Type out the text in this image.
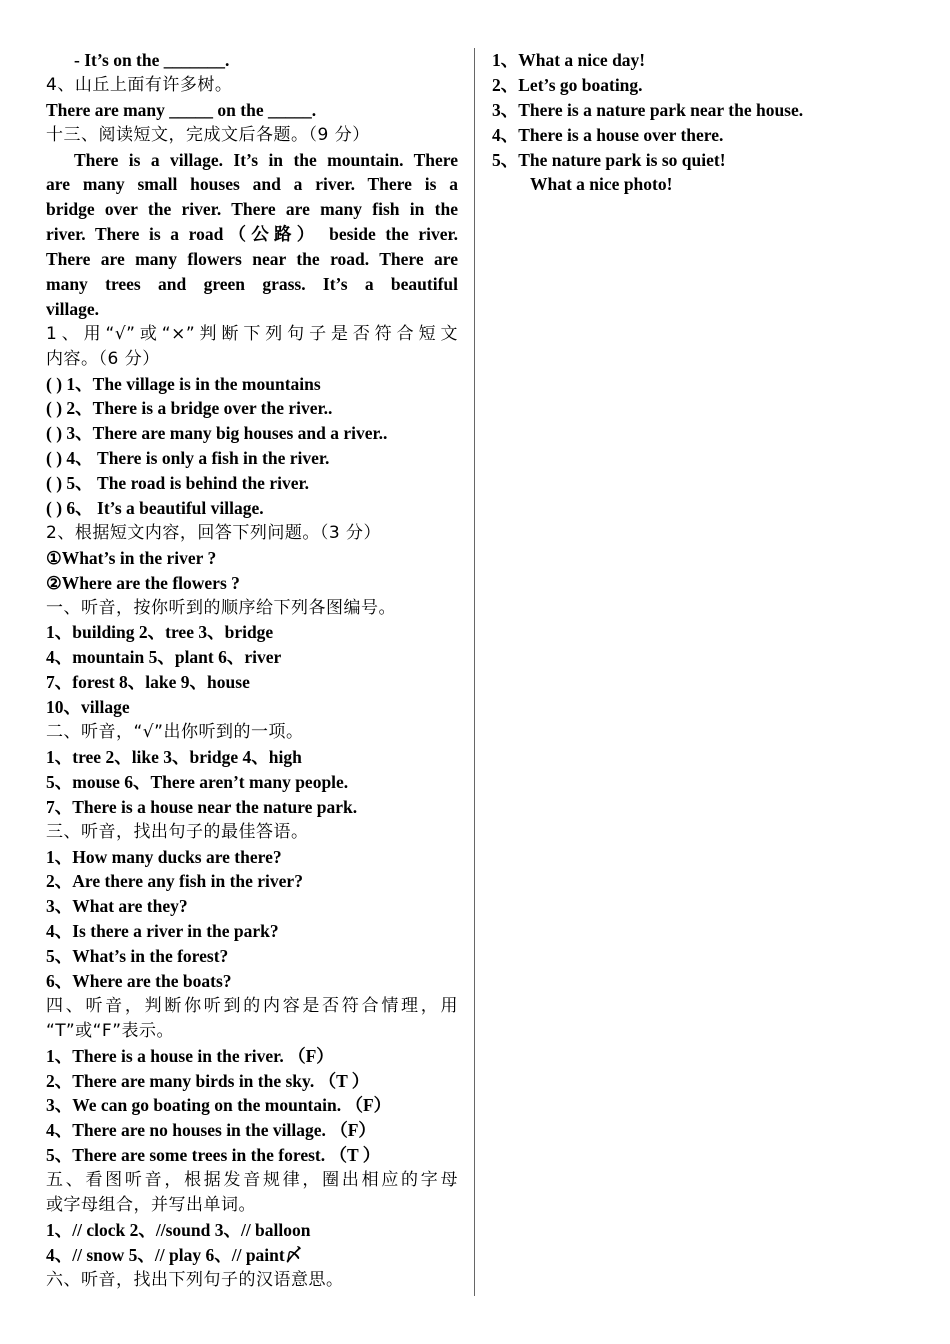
- It’s on the _______.
4、山丘上面有许多树。
There are many _____ on the _____.
十三、阅读短文，完成文后各题。（9 分）
There is a village. It’s in the mountain. There
are many small houses and a river. There is a
bridge over the river. There are many fish in the
river. There is a road（公路） beside the river.
There are many flowers near the road. There are
many trees and green grass. It’s a beautiful
village.
1、用“√”或“×”判断下列句子是否符合短文
内容。（6 分）
( ) 1、The village is in the mountains
( ) 2、There is a bridge over the river..
( ) 3、There are many big houses and a river..
( ) 4、 There is only a fish in the river.
( ) 5、 The road is behind the river.
( ) 6、 It’s a beautiful village.
2、根据短文内容，回答下列问题。（3 分）
①What’s in the river ?
②Where are the flowers ?
一、听音，按你听到的顺序给下列各图编号。
1、building 2、tree 3、bridge
4、mountain 5、plant 6、river
7、forest 8、lake 9、house
10、village
二、听音，“√”出你听到的一项。
1、tree 2、like 3、bridge 4、high
5、mouse 6、There aren’t many people.
7、There is a house near the nature park.
三、听音，找出句子的最佳答语。
1、How many ducks are there?
2、Are there any fish in the river?
3、What are they?
4、Is there a river in the park?
5、What’s in the forest?
6、Where are the boats?
四、听音，判断你听到的内容是否符合情理，用
“T”或“F”表示。
1、There is a house in the river. （F）
2、There are many birds in the sky. （T ）
3、We can go boating on the mountain. （F）
4、There are no houses in the village. （F）
5、There are some trees in the forest. （T ）
五、看图听音，根据发音规律，圈出相应的字母
或字母组合，并写出单词。
1、// clock 2、//sound 3、// balloon
4、// snow 5、// play 6、// paint〆
六、听音，找出下列句子的汉语意思。
1、What a nice day!
2、Let’s go boating.
3、There is a nature park near the house.
4、There is a house over there.
5、The nature park is so quiet!
What a nice photo!
